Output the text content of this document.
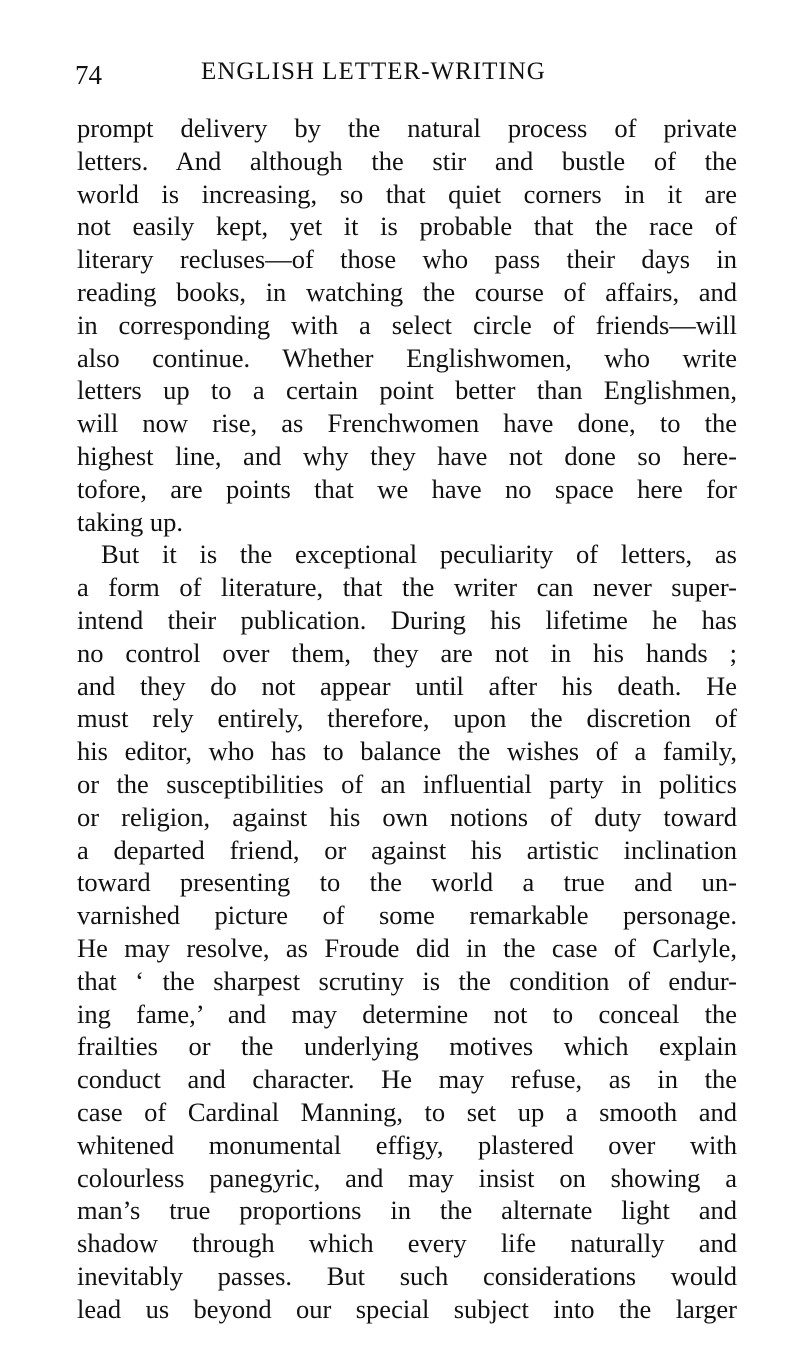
74	ENGLISH LETTER-WRITING
prompt delivery by the natural process of private
letters. And although the stir and bustle of the
world is increasing, so that quiet corners in it are
not easily kept, yet it is probable that the race of
literary recluses—of those who pass their days in
reading books, in watching the course of affairs, and
in corresponding with a select circle of friends—will
also continue. Whether Englishwomen, who write
letters up to a certain point better than Englishmen,
will now rise, as Frenchwomen have done, to the
highest line, and why they have not done so here-
tofore, are points that we have no space here for
taking up.
But it is the exceptional peculiarity of letters, as
a form of literature, that the writer can never super-
intend their publication. During his lifetime he has
no control over them, they are not in his hands ;
and they do not appear until after his death. He
must rely entirely, therefore, upon the discretion of
his editor, who has to balance the wishes of a family,
or the susceptibilities of an influential party in politics
or religion, against his own notions of duty toward
a departed friend, or against his artistic inclination
toward presenting to the world a true and un-
varnished picture of some remarkable personage.
He may resolve, as Froude did in the case of Carlyle,
that ‘ the sharpest scrutiny is the condition of endur-
ing fame,’ and may determine not to conceal the
frailties or the underlying motives which explain
conduct and character. He may refuse, as in the
case of Cardinal Manning, to set up a smooth and
whitened monumental effigy, plastered over with
colourless panegyric, and may insist on showing a
man’s true proportions in the alternate light and
shadow through which every life naturally and
inevitably passes. But such considerations would
lead us beyond our special subject into the larger
